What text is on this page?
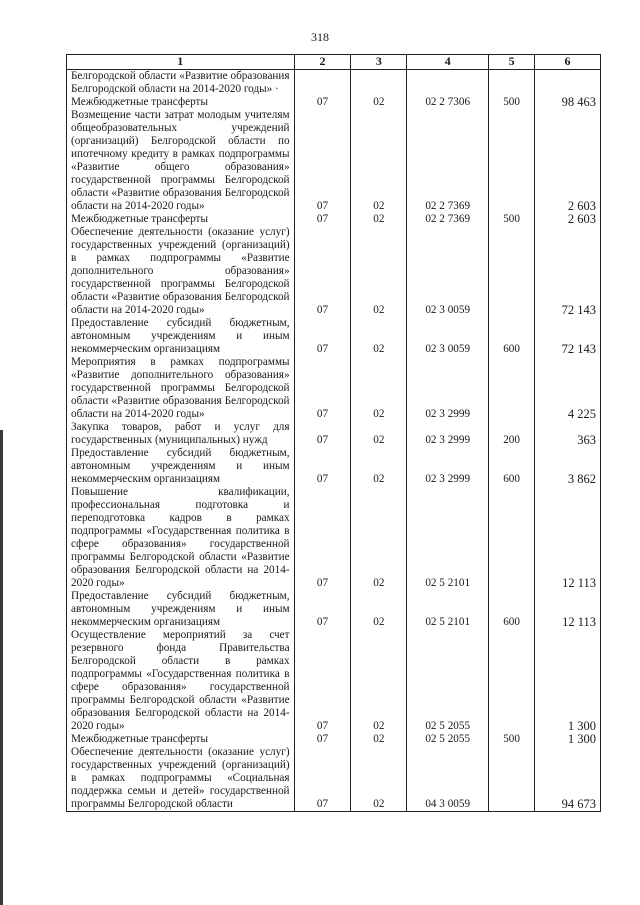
318
1	2	3	4	5	6
Белгородской области «Развитие образования Белгородской области на 2014-2020 годы» ·					
Межбюджетные трансферты	07	02	02 2 7306	500	98 463
Возмещение части затрат молодым учителям общеобразовательных учреждений (организаций) Белгородской области по ипотечному кредиту в рамках подпрограммы «Развитие общего образования» государственной программы Белгородской области «Развитие образования Белгородской области на 2014-2020 годы»	07	02	02 2 7369		2 603
Межбюджетные трансферты	07	02	02 2 7369	500	2 603
Обеспечение деятельности (оказание услуг) государственных учреждений (организаций) в рамках подпрограммы «Развитие дополнительного образования» государственной программы Белгородской области «Развитие образования Белгородской области на 2014-2020 годы»	07	02	02 3 0059		72 143
Предоставление субсидий бюджетным, автономным учреждениям и иным некоммерческим организациям	07	02	02 3 0059	600	72 143
Мероприятия в рамках подпрограммы «Развитие дополнительного образования» государственной программы Белгородской области «Развитие образования Белгородской области на 2014-2020 годы»	07	02	02 3 2999		4 225
Закупка товаров, работ и услуг для государственных (муниципальных) нужд	07	02	02 3 2999	200	363
Предоставление субсидий бюджетным, автономным учреждениям и иным некоммерческим организациям	07	02	02 3 2999	600	3 862
Повышение квалификации, профессиональная подготовка и переподготовка кадров в рамках подпрограммы «Государственная политика в сфере образования» государственной программы Белгородской области «Развитие образования Белгородской области на 2014-2020 годы»	07	02	02 5 2101		12 113
Предоставление субсидий бюджетным, автономным учреждениям и иным некоммерческим организациям	07	02	02 5 2101	600	12 113
Осуществление мероприятий за счет резервного фонда Правительства Белгородской области в рамках подпрограммы «Государственная политика в сфере образования» государственной программы Белгородской области «Развитие образования Белгородской области на 2014-2020 годы»	07	02	02 5 2055		1 300
Межбюджетные трансферты	07	02	02 5 2055	500	1 300
Обеспечение деятельности (оказание услуг) государственных учреждений (организаций) в рамках подпрограммы «Социальная поддержка семьи и детей» государственной программы Белгородской области	07	02	04 3 0059		94 673
